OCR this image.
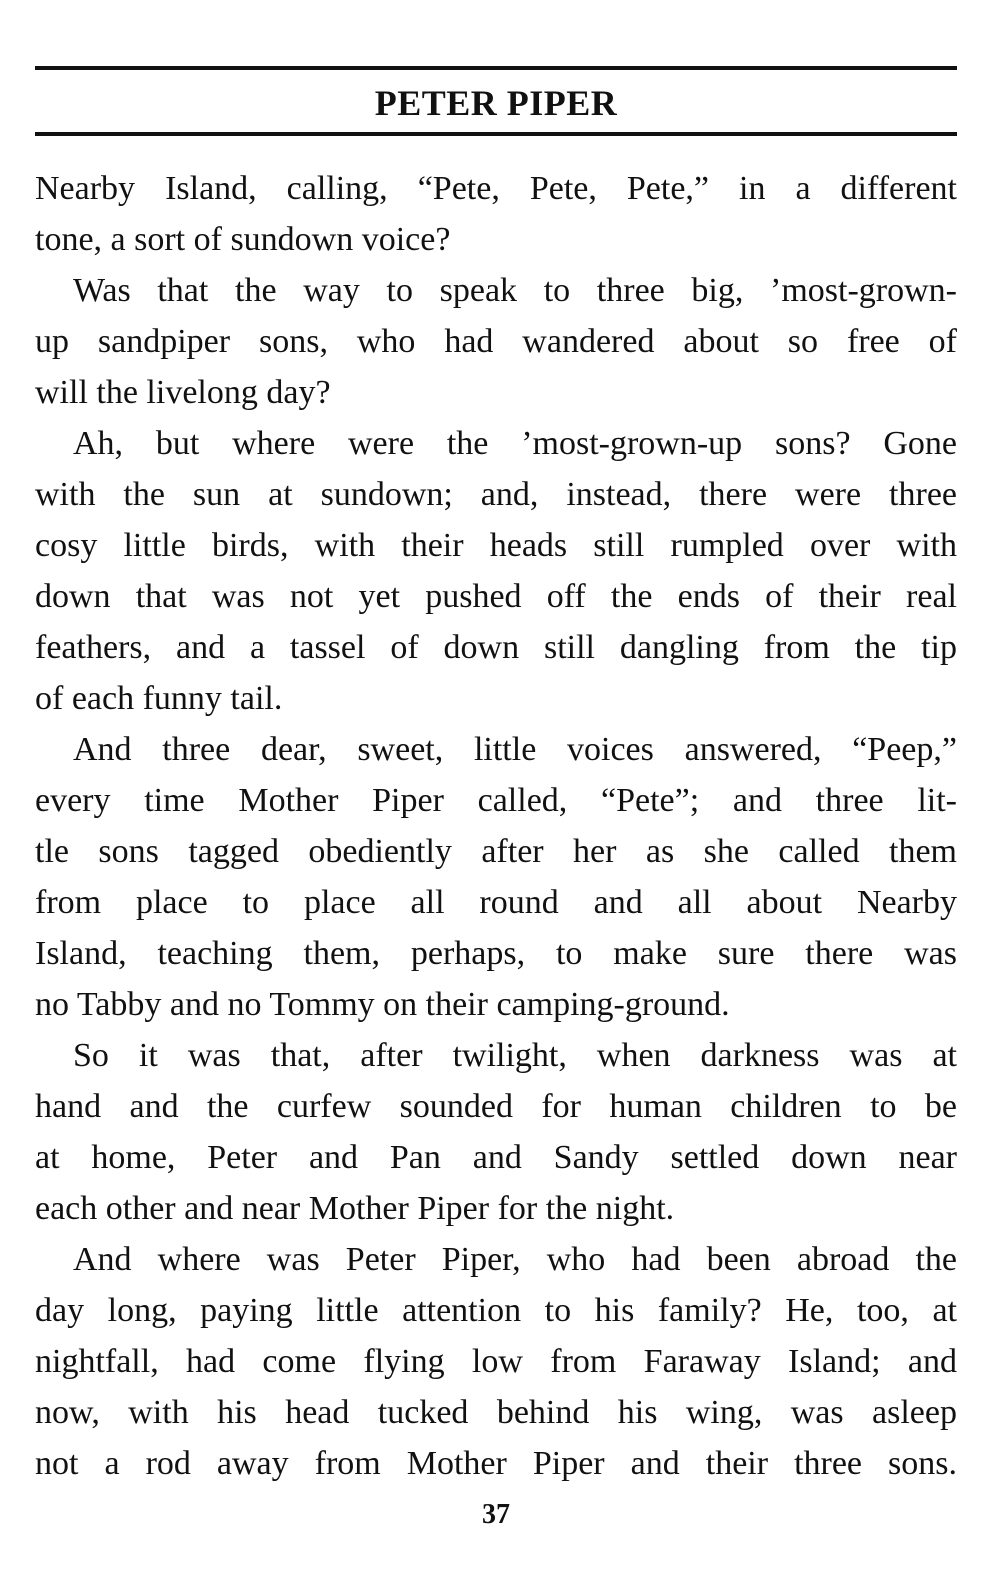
PETER PIPER
Nearby Island, calling, “Pete, Pete, Pete,” in a different
tone, a sort of sundown voice?
Was that the way to speak to three big, ’most-grown-
up sandpiper sons, who had wandered about so free of
will the livelong day?
Ah, but where were the ’most-grown-up sons? Gone
with the sun at sundown; and, instead, there were three
cosy little birds, with their heads still rumpled over with
down that was not yet pushed off the ends of their real
feathers, and a tassel of down still dangling from the tip
of each funny tail.
And three dear, sweet, little voices answered, “Peep,”
every time Mother Piper called, “Pete”; and three lit-
tle sons tagged obediently after her as she called them
from place to place all round and all about Nearby
Island, teaching them, perhaps, to make sure there was
no Tabby and no Tommy on their camping-ground.
So it was that, after twilight, when darkness was at
hand and the curfew sounded for human children to be
at home, Peter and Pan and Sandy settled down near
each other and near Mother Piper for the night.
And where was Peter Piper, who had been abroad the
day long, paying little attention to his family? He, too, at
nightfall, had come flying low from Faraway Island; and
now, with his head tucked behind his wing, was asleep
not a rod away from Mother Piper and their three sons.
37
